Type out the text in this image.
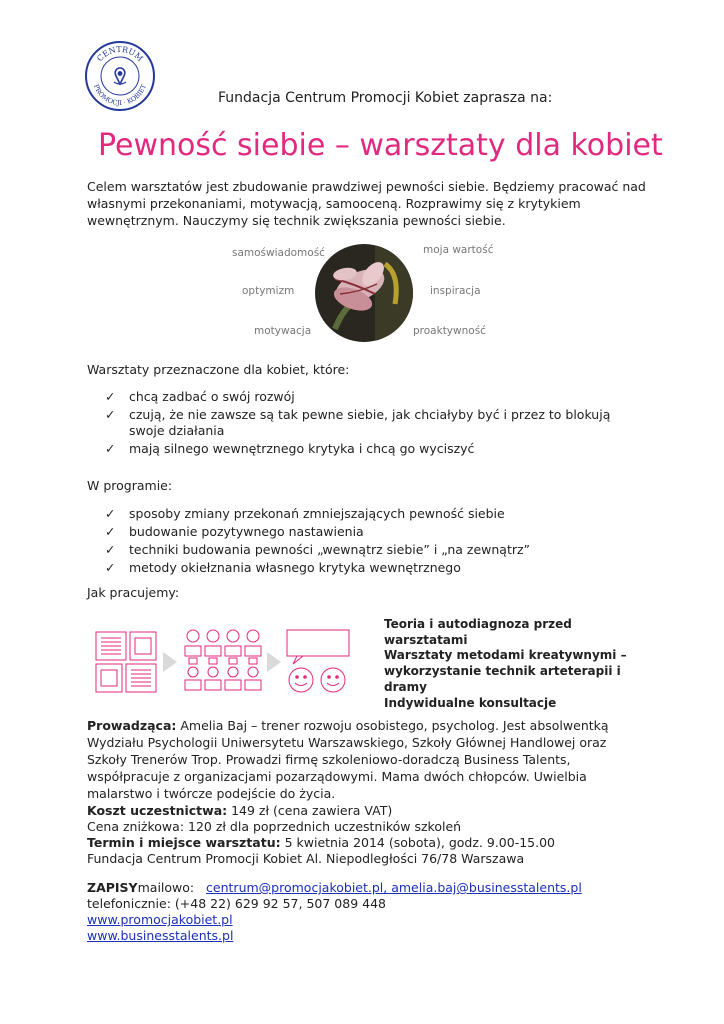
CENTRUM
PROMOCJI · KOBIET
Fundacja Centrum Promocji Kobiet zaprasza na:
Pewność siebie – warsztaty dla kobiet
Celem warsztatów jest zbudowanie prawdziwej pewności siebie. Będziemy pracować nad własnymi przekonaniami, motywacją, samooceną. Rozprawimy się z krytykiem wewnętrznym. Nauczymy się technik zwiększania pewności siebie.
samoświadomość
optymizm
motywacja
moja wartość
inspiracja
proaktywność
Warsztaty przeznaczone dla kobiet, które:
✓ chcą zadbać o swój rozwój
✓ czują, że nie zawsze są tak pewne siebie, jak chciałyby być i przez to blokują swoje działania
✓ mają silnego wewnętrznego krytyka i chcą go wyciszyć
W programie:
✓ sposoby zmiany przekonań zmniejszających pewność siebie
✓ budowanie pozytywnego nastawienia
✓ techniki budowania pewności „wewnątrz siebie” i „na zewnątrz”
✓ metody okiełznania własnego krytyka wewnętrznego
Jak pracujemy:
Teoria i autodiagnoza przed warsztatami
Warsztaty metodami kreatywnymi – wykorzystanie technik arteterapii i dramy
Indywidualne konsultacje
Prowadząca: Amelia Baj – trener rozwoju osobistego, psycholog. Jest absolwentką Wydziału Psychologii Uniwersytetu Warszawskiego, Szkoły Głównej Handlowej oraz Szkoły Trenerów Trop. Prowadzi firmę szkoleniowo-doradczą Business Talents, współpracuje z organizacjami pozarządowymi. Mama dwóch chłopców. Uwielbia malarstwo i twórcze podejście do życia.
Koszt uczestnictwa: 149 zł (cena zawiera VAT)
Cena zniżkowa: 120 zł dla poprzednich uczestników szkoleń
Termin i miejsce warsztatu: 5 kwietnia 2014 (sobota), godz. 9.00-15.00
Fundacja Centrum Promocji Kobiet Al. Niepodległości 76/78 Warszawa
ZAPISYmailowo: centrum@promocjakobiet.pl, amelia.baj@businesstalents.pl
telefonicznie: (+48 22) 629 92 57, 507 089 448
www.promocjakobiet.pl
www.businesstalents.pl
